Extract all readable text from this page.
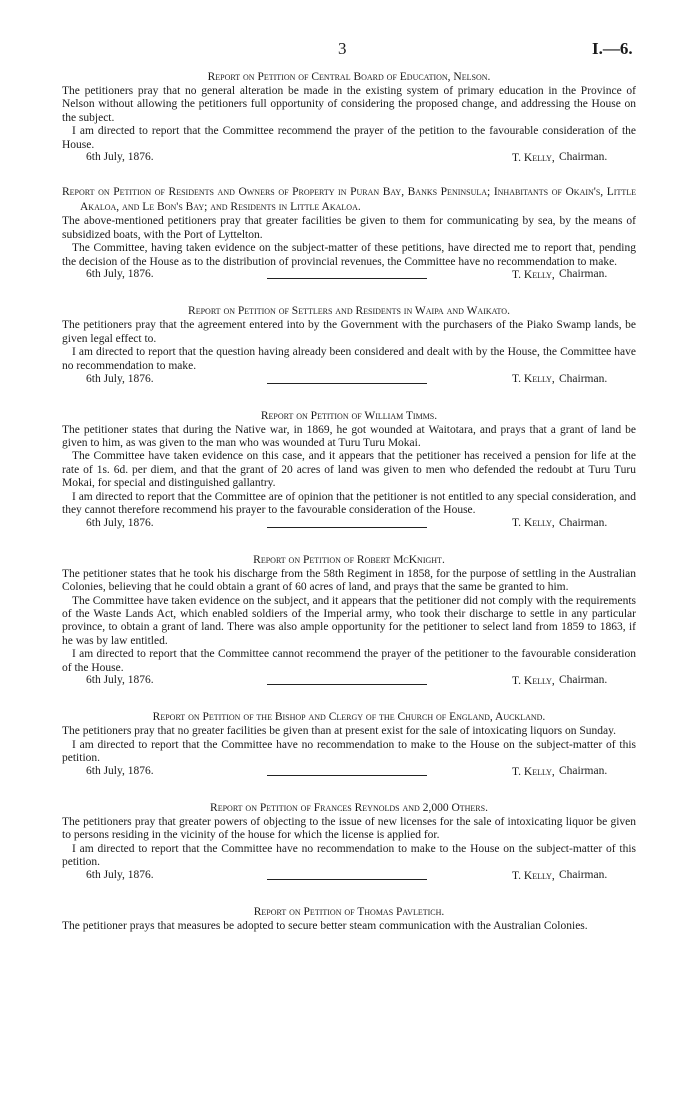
3	I.—6.

Report on Petition of Central Board of Education, Nelson.

The petitioners pray that no general alteration be made in the existing system of primary education in the Province of Nelson without allowing the petitioners full opportunity of considering the proposed change, and addressing the House on the subject.

I am directed to report that the Committee recommend the prayer of the petition to the favourable consideration of the House.

T. Kelly,
6th July, 1876.	Chairman.

Report on Petition of Residents and Owners of Property in Puran Bay, Banks Peninsula; Inhabitants of Okain's, Little Akaloa, and Le Bon's Bay; and Residents in Little Akaloa.

The above-mentioned petitioners pray that greater facilities be given to them for communicating by sea, by the means of subsidized boats, with the Port of Lyttelton.

The Committee, having taken evidence on the subject-matter of these petitions, have directed me to report that, pending the decision of the House as to the distribution of provincial revenues, the Committee have no recommendation to make.

T. Kelly,
6th July, 1876.	Chairman.

Report on Petition of Settlers and Residents in Waipa and Waikato.

The petitioners pray that the agreement entered into by the Government with the purchasers of the Piako Swamp lands, be given legal effect to.

I am directed to report that the question having already been considered and dealt with by the House, the Committee have no recommendation to make.

T. Kelly,
6th July, 1876.	Chairman.

Report on Petition of William Timms.

The petitioner states that during the Native war, in 1869, he got wounded at Waitotara, and prays that a grant of land be given to him, as was given to the man who was wounded at Turu Turu Mokai.

The Committee have taken evidence on this case, and it appears that the petitioner has received a pension for life at the rate of 1s. 6d. per diem, and that the grant of 20 acres of land was given to men who defended the redoubt at Turu Turu Mokai, for special and distinguished gallantry.

I am directed to report that the Committee are of opinion that the petitioner is not entitled to any special consideration, and they cannot therefore recommend his prayer to the favourable consideration of the House.

T. Kelly,
6th July, 1876.	Chairman.

Report on Petition of Robert McKnight.

The petitioner states that he took his discharge from the 58th Regiment in 1858, for the purpose of settling in the Australian Colonies, believing that he could obtain a grant of 60 acres of land, and prays that the same be granted to him.

The Committee have taken evidence on the subject, and it appears that the petitioner did not comply with the requirements of the Waste Lands Act, which enabled soldiers of the Imperial army, who took their discharge to settle in any particular province, to obtain a grant of land. There was also ample opportunity for the petitioner to select land from 1859 to 1863, if he was by law entitled.

I am directed to report that the Committee cannot recommend the prayer of the petitioner to the favourable consideration of the House.

T. Kelly,
6th July, 1876.	Chairman.

Report on Petition of the Bishop and Clergy of the Church of England, Auckland.

The petitioners pray that no greater facilities be given than at present exist for the sale of intoxicating liquors on Sunday.

I am directed to report that the Committee have no recommendation to make to the House on the subject-matter of this petition.

T. Kelly,
6th July, 1876.	Chairman.

Report on Petition of Frances Reynolds and 2,000 Others.

The petitioners pray that greater powers of objecting to the issue of new licenses for the sale of intoxicating liquor be given to persons residing in the vicinity of the house for which the license is applied for.

I am directed to report that the Committee have no recommendation to make to the House on the subject-matter of this petition.

T. Kelly,
6th July, 1876.	Chairman.

Report on Petition of Thomas Pavletich.

The petitioner prays that measures be adopted to secure better steam communication with the Australian Colonies.
